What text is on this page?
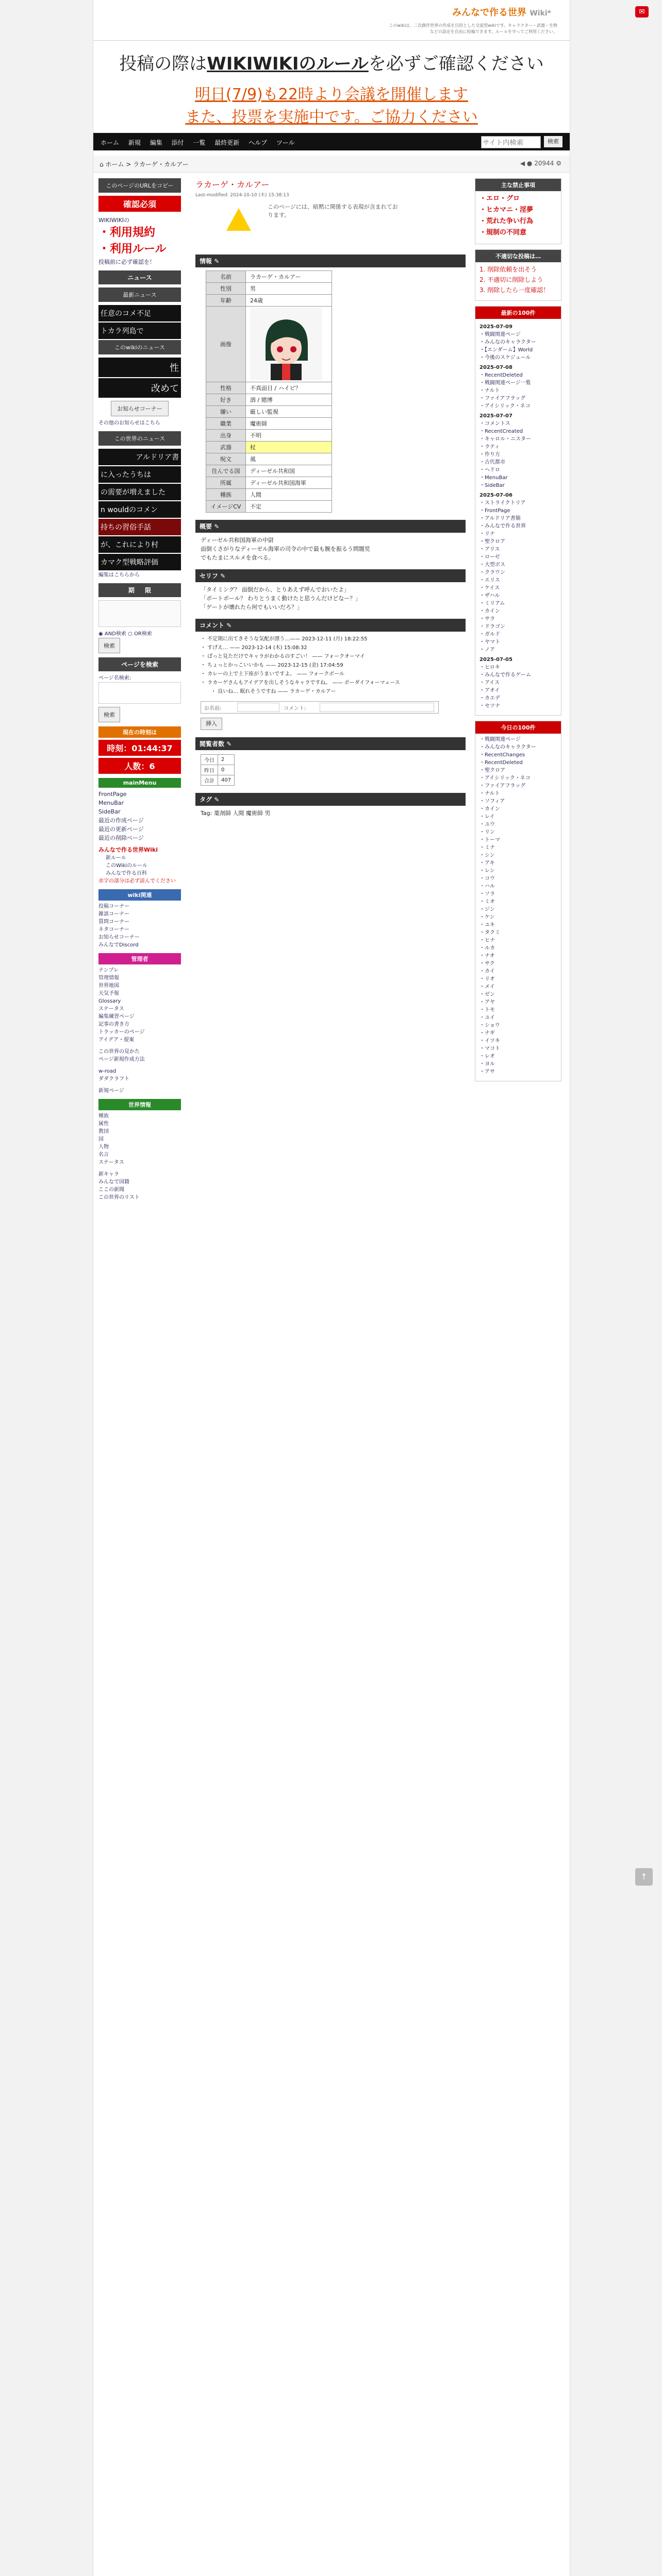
✉
みんなで作る世界 Wiki*
このwikiは、二次創作世界の作成を目的とした交流型wikiです。キャラクター・武器・生物などの設定を自由に投稿できます。ルールを守ってご利用ください。
投稿の際はWIKIWIKIのルールを必ずご確認ください
明日(7/9)も22時より会議を開催します
また、投票を実施中です。ご協力ください
ホーム 新規 編集 添付 一覧 最終更新 ヘルプ ツール
サイト内検索	検索
⌂ ホーム > ラカーゲ・カルアー	◀ ● 20944 ⚙
このページのURLをコピー
確認必須
WIKIWIKIの
・利用規約
・利用ルール
投稿前に必ず確認を！
ニュース
最新ニュース
任意のコメ不足
トカラ列島で
このwikiのニュース
性
改めて
お知らせコーナー
その他のお知らせはこちら
この世界のニュース
アルドリア書
に入ったうちは
の需要が増えました
n wouldのコメン
持ちの習俗手話
が、これにより村
カマク型戦略評価
編集はこちらから
期 　 限
◉ AND検索 ○ OR検索
検索
ページを検索
ページ名検索:
検索
現在の時刻は
時刻：01:44:37
人数：6
mainMenu
FrontPage
MenuBar
SideBar
最近の作成ページ
最近の更新ページ
最近の削除ページ
みんなで作る世界Wiki
新ルール
このWikiのルール
みんなで作る百科
赤字の部分は必ず読んでください
wiki関連
投稿コーナー
雑談コーナー
質問コーナー
ネタコーナー
お知らせコーナー
みんなでDiscord
管理者
テンプレ
管理情報
世界地図
天気予報
Glossary
ステータス
編集練習ページ
記事の書き方
トラッカーのページ
アイデア・提案
この世界の見かた
ページ新規作成方法
w-road
ダダクラフト
新規ページ
世界情報
種族
属性
教団
国
人物
名言
ステータス
新キャラ
みんなで国籍
ここの新聞
この世界のリスト
ラカーゲ・カルアー
Last-modified: 2024-10-10 (木) 15:38:13
このページには、暗黙に関係する表現が含まれております。
情報 ✎
名前	ラカーゲ・カルアー
性別	男
年齢	24歳
画像	

性格	不真面目 / ハイビ？
好き	酒 / 賭博
嫌い	厳しい監視
職業	魔術師
出身	不明
武器	杖
呪文	風
住んでる国	ディーゼル共和国
所属	ディーゼル共和国海軍
種族	人間
イメージCV	不定
概要 ✎
ディーゼル共和国海軍の中尉
面倒くさがりなディーゼル海軍の司令の中で最も腕を振るう問題児
でもたまにスルメを食べる。
セリフ ✎
「タイミング？ 面倒だから、とりあえず呼んでおいたよ」
「ポートボール？ わりとうまく動けたと思うんだけどなー？」
「ゲートが壊れたら何でもいいだろ？」
コメント ✎
・ 不定期に出てきそうな気配が漂う…—— 2023-12-11 (月) 18:22:55
・ すげえ… —— 2023-12-14 (木) 15:08:32
・ ぱっと見ただけでキャラがわかるのすごい！ —— フォークオーマイ
・ ちょっとかっこいいかも —— 2023-12-15 (金) 17:04:59
・ カレーの上で土下座がうまいですよ。 —— フォークボール
・ ラカーゲさんもアイデアを出しそうなキャラですね。 —— ポーダイフォーマェース
・ 良いね… 眠れそうですね —— ラカーゲ・カルアー
お名前:	コメント:
挿入
閲覧者数 ✎
今日	2
昨日	0
合計	407
タグ ✎
Tag: 薬剤師 人間 魔術師 男
主な禁止事項
・エロ・グロ
・ヒカマニ・淫夢
・荒れた争い行為
・規制の不同意
不適切な投稿は…
1. 削除依頼を出そう
2. 不適切に削除しよう
3. 削除したら一度確認！
最新の100件
2025-07-09
・戦闘関連ページ
・みんなのキャラクター
・【エンダーム】World
・今後のスケジュール
2025-07-08
・RecentDeleted
・戦闘関連ページ一覧
・ナルト
・ファイアフラッグ
・アイシリック・ネコ
2025-07-07
・コメントス
・RecentCreated
・キャロル・ニスター
・ラティ
・作り方
・古代都市
・ヘドロ
・MenuBar
・SideBar
2025-07-06
・ストライクトリア
・FrontPage
・アルドリア書簡
・みんなで作る世界
・リナ
・聖クロア
・アリス
・ローゼ
・大型ボス
・クラウン
・エリス
・ケイス
・ザハル
・ミリアム
・カイン
・サラ
・ドラゴン
・ガルド
・ヤマト
・ノア
2025-07-05
・ヒロキ
・みんなで作るゲーム
・アイス
・アオイ
・カエデ
・セツナ
今日の100件
・戦闘関連ページ
・みんなのキャラクター
・RecentChanges
・RecentDeleted
・聖クロア
・アイシリック・ネコ
・ファイアフラッグ
・ナルト
・ソフィア
・カイン
・レイ
・ユウ
・リン
・トーマ
・ミナ
・シン
・アキ
・レン
・コウ
・ハル
・ソラ
・ミオ
・ジン
・ケン
・ユキ
・タクミ
・ヒナ
・ルカ
・ナオ
・サク
・カイ
・リオ
・メイ
・ゼン
・アヤ
・トモ
・ユイ
・ショウ
・ナギ
・イツキ
・マコト
・レオ
・ヨル
・アサ
↑
